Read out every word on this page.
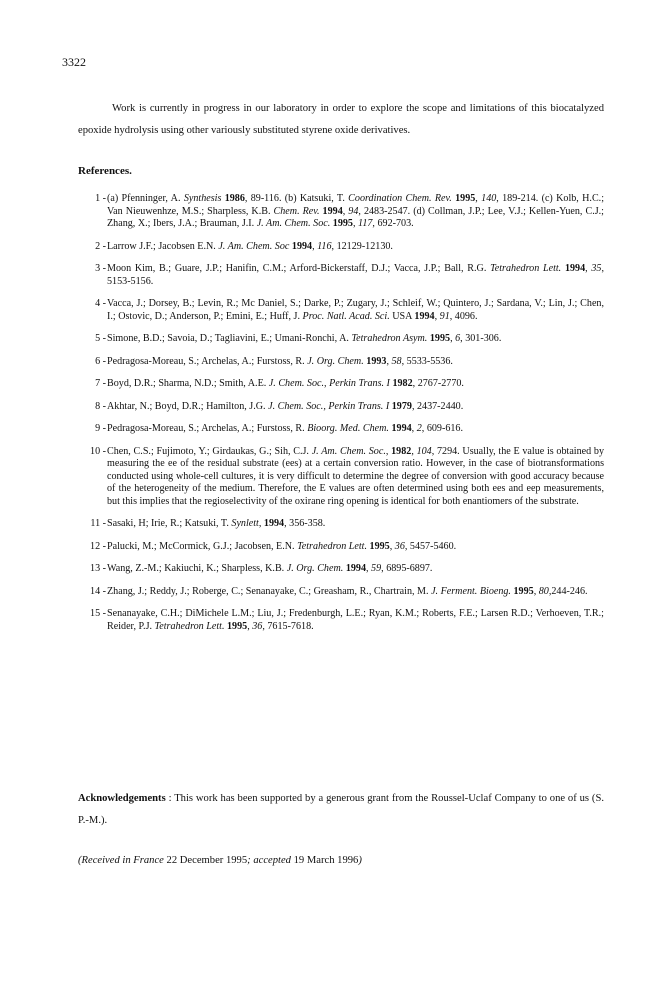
3322

Work is currently in progress in our laboratory in order to explore the scope and limitations of this biocatalyzed epoxide hydrolysis using other variously substituted styrene oxide derivatives.

References.
1 - (a) Pfenninger, A. Synthesis 1986, 89-116. (b) Katsuki, T. Coordination Chem. Rev. 1995, 140, 189-214. (c) Kolb, H.C.; Van Nieuwenhze, M.S.; Sharpless, K.B. Chem. Rev. 1994, 94, 2483-2547. (d) Collman, J.P.; Lee, V.J.; Kellen-Yuen, C.J.; Zhang, X.; Ibers, J.A.; Brauman, J.I. J. Am. Chem. Soc. 1995, 117, 692-703.
2 - Larrow J.F.; Jacobsen E.N. J. Am. Chem. Soc 1994, 116, 12129-12130.
3 - Moon Kim, B.; Guare, J.P.; Hanifin, C.M.; Arford-Bickerstaff, D.J.; Vacca, J.P.; Ball, R.G. Tetrahedron Lett. 1994, 35, 5153-5156.
4 - Vacca, J.; Dorsey, B.; Levin, R.; Mc Daniel, S.; Darke, P.; Zugary, J.; Schleif, W.; Quintero, J.; Sardana, V.; Lin, J.; Chen, I.; Ostovic, D.; Anderson, P.; Emini, E.; Huff, J. Proc. Natl. Acad. Sci. USA 1994, 91, 4096.
5 - Simone, B.D.; Savoia, D.; Tagliavini, E.; Umani-Ronchi, A. Tetrahedron Asym. 1995, 6, 301-306.
6 - Pedragosa-Moreau, S.; Archelas, A.; Furstoss, R. J. Org. Chem. 1993, 58, 5533-5536.
7 - Boyd, D.R.; Sharma, N.D.; Smith, A.E. J. Chem. Soc., Perkin Trans. I 1982, 2767-2770.
8 - Akhtar, N.; Boyd, D.R.; Hamilton, J.G. J. Chem. Soc., Perkin Trans. I 1979, 2437-2440.
9 - Pedragosa-Moreau, S.; Archelas, A.; Furstoss, R. Bioorg. Med. Chem. 1994, 2, 609-616.
10 - Chen, C.S.; Fujimoto, Y.; Girdaukas, G.; Sih, C.J. J. Am. Chem. Soc., 1982, 104, 7294. Usually, the E value is obtained by measuring the ee of the residual substrate (ees) at a certain conversion ratio. However, in the case of biotransformations conducted using whole-cell cultures, it is very difficult to determine the degree of conversion with good accuracy because of the heterogeneity of the medium. Therefore, the E values are often determined using both ees and eep measurements, but this implies that the regioselectivity of the oxirane ring opening is identical for both enantiomers of the substrate.
11 - Sasaki, H; Irie, R.; Katsuki, T. Synlett, 1994, 356-358.
12 - Palucki, M.; McCormick, G.J.; Jacobsen, E.N. Tetrahedron Lett. 1995, 36, 5457-5460.
13 - Wang, Z.-M.; Kakiuchi, K.; Sharpless, K.B. J. Org. Chem. 1994, 59, 6895-6897.
14 - Zhang, J.; Reddy, J.; Roberge, C.; Senanayake, C.; Greasham, R., Chartrain, M. J. Ferment. Bioeng. 1995, 80,244-246.
15 - Senanayake, C.H.; DiMichele L.M.; Liu, J.; Fredenburgh, L.E.; Ryan, K.M.; Roberts, F.E.; Larsen R.D.; Verhoeven, T.R.; Reider, P.J. Tetrahedron Lett. 1995, 36, 7615-7618.
Acknowledgements : This work has been supported by a generous grant from the Roussel-Uclaf Company to one of us (S. P.-M.).
(Received in France 22 December 1995; accepted 19 March 1996)
